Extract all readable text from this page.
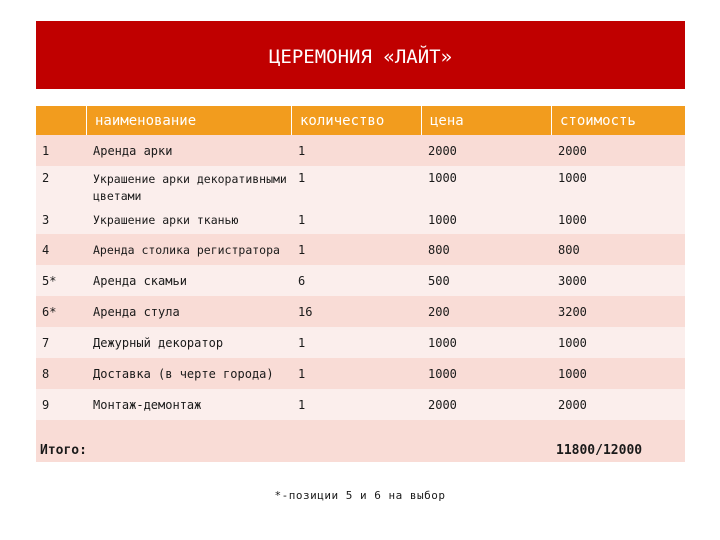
ЦЕРЕМОНИЯ «ЛАЙТ»
	наименование	количество	цена	стоимость
1	Аренда арки	1	2000	2000
2	Украшение арки декоративными цветами	1	1000	1000
3	Украшение арки тканью	1	1000	1000
4	Аренда столика регистратора	1	800	800
5*	Аренда скамьи	6	500	3000
6*	Аренда стула	16	200	3200
7	Дежурный декоратор	1	1000	1000
8	Доставка (в черте города)	1	1000	1000
9	Монтаж-демонтаж	1	2000	2000
Итого:				11800/12000
*-позиции 5 и 6 на выбор
